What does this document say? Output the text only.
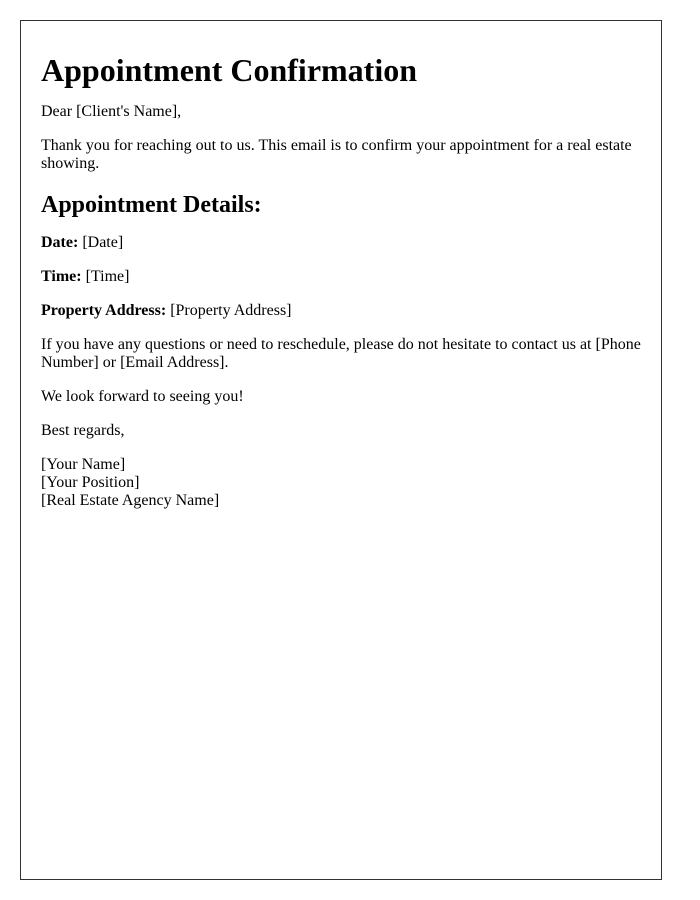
Appointment Confirmation

Dear [Client's Name],

Thank you for reaching out to us. This email is to confirm your appointment for a real estate showing.

Appointment Details:

Date: [Date]

Time: [Time]

Property Address: [Property Address]

If you have any questions or need to reschedule, please do not hesitate to contact us at [Phone Number] or [Email Address].

We look forward to seeing you!

Best regards,

[Your Name]
[Your Position]
[Real Estate Agency Name]
